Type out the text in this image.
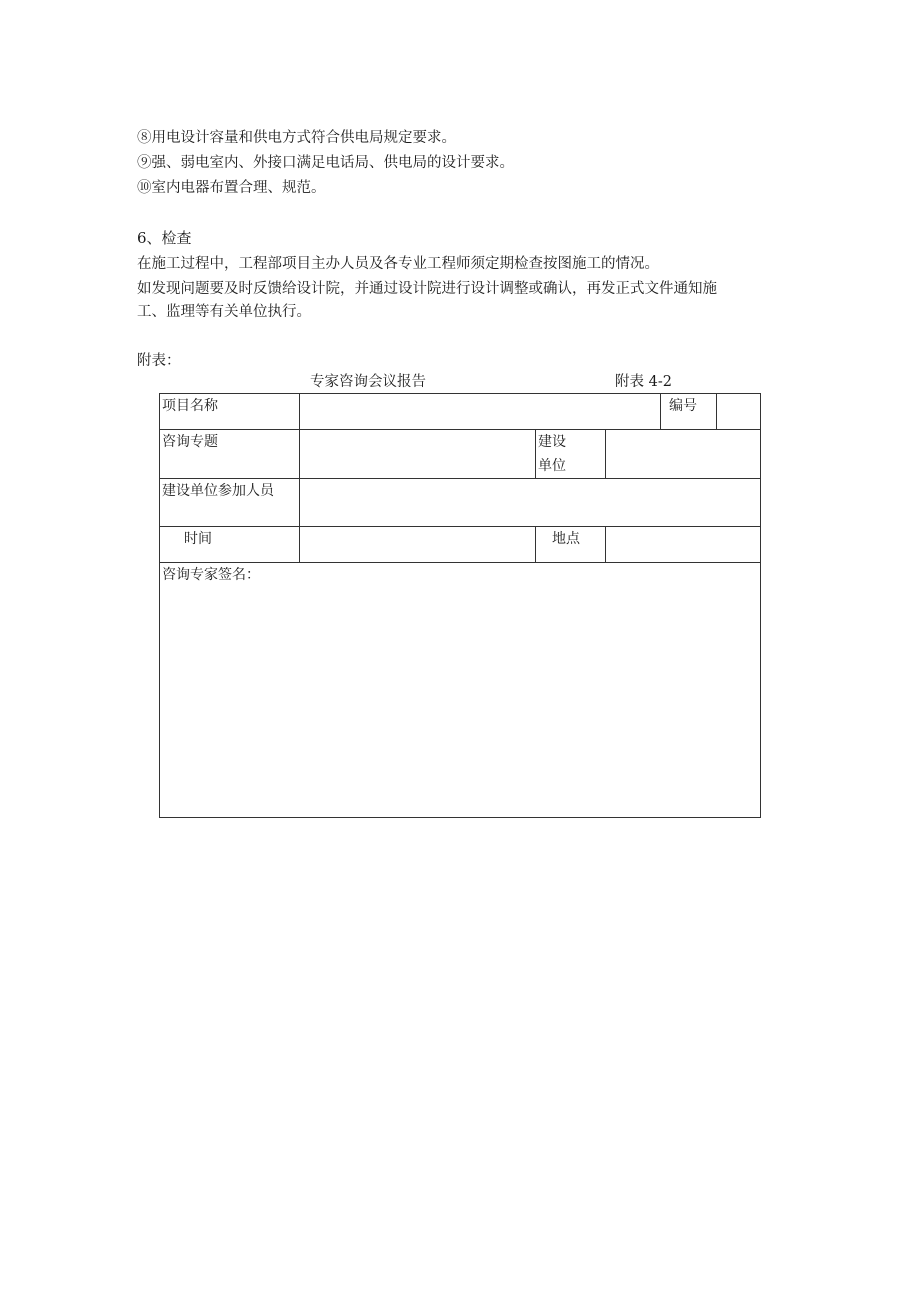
⑧用电设计容量和供电方式符合供电局规定要求。
⑨强、弱电室内、外接口满足电话局、供电局的设计要求。
⑩室内电器布置合理、规范。
6、检查
在施工过程中，工程部项目主办人员及各专业工程师须定期检查按图施工的情况。
如发现问题要及时反馈给设计院，并通过设计院进行设计调整或确认，再发正式文件通知施
工、监理等有关单位执行。
附表：
专家咨询会议报告	附表 4-2
项目名称				编号

咨询专题		建设
单位		

建设单位参加人员				
时间		地点		
咨询专家签名：				
